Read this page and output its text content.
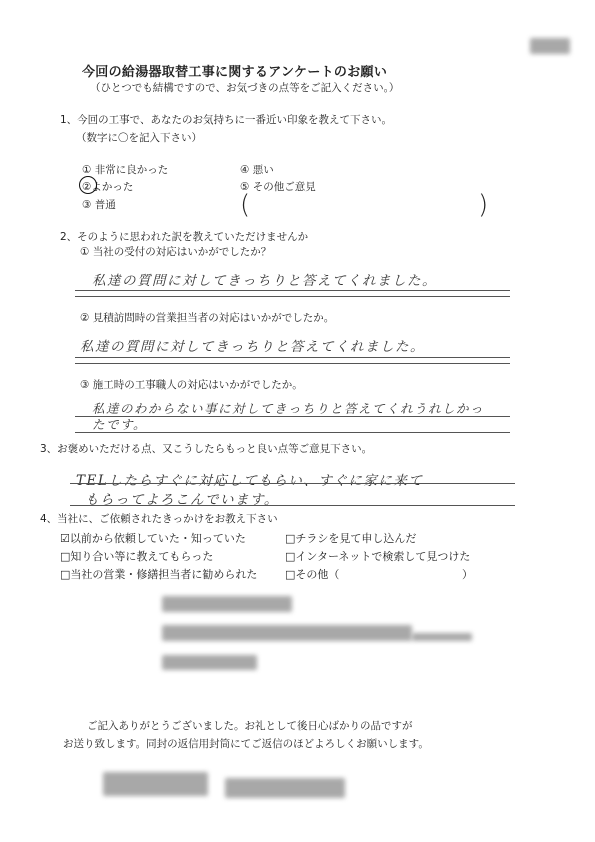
今回の給湯器取替工事に関するアンケートのお願い
（ひとつでも結構ですので、お気づきの点等をご記入ください。）
1、今回の工事で、あなたのお気持ちに一番近い印象を教えて下さい。
（数字に〇を記入下さい）
① 非常に良かった
②よかった
③ 普通
④ 悪い
⑤ その他ご意見
(	)
2、そのように思われた訳を教えていただけませんか
① 当社の受付の対応はいかがでしたか？
私達の質問に対してきっちりと答えてくれました。
② 見積訪問時の営業担当者の対応はいかがでしたか。
私達の質問に対してきっちりと答えてくれました。
③ 施工時の工事職人の対応はいかがでしたか。
私達のわからない事に対してきっちりと答えてくれうれしかっ
たです。
3、お褒めいただける点、又こうしたらもっと良い点等ご意見下さい。
TELしたらすぐに対応してもらい、すぐに家に来て
もらってよろこんでいます。
4、当社に、ご依頼されたきっかけをお教え下さい
☑以前から依頼していた・知っていた
□知り合い等に教えてもらった
□当社の営業・修繕担当者に勧められた
□チラシを見て申し込んだ
□インターネットで検索して見つけた
□その他（	）
ご記入ありがとうございました。お礼として後日心ばかりの品ですが
お送り致します。同封の返信用封筒にてご返信のほどよろしくお願いします。
